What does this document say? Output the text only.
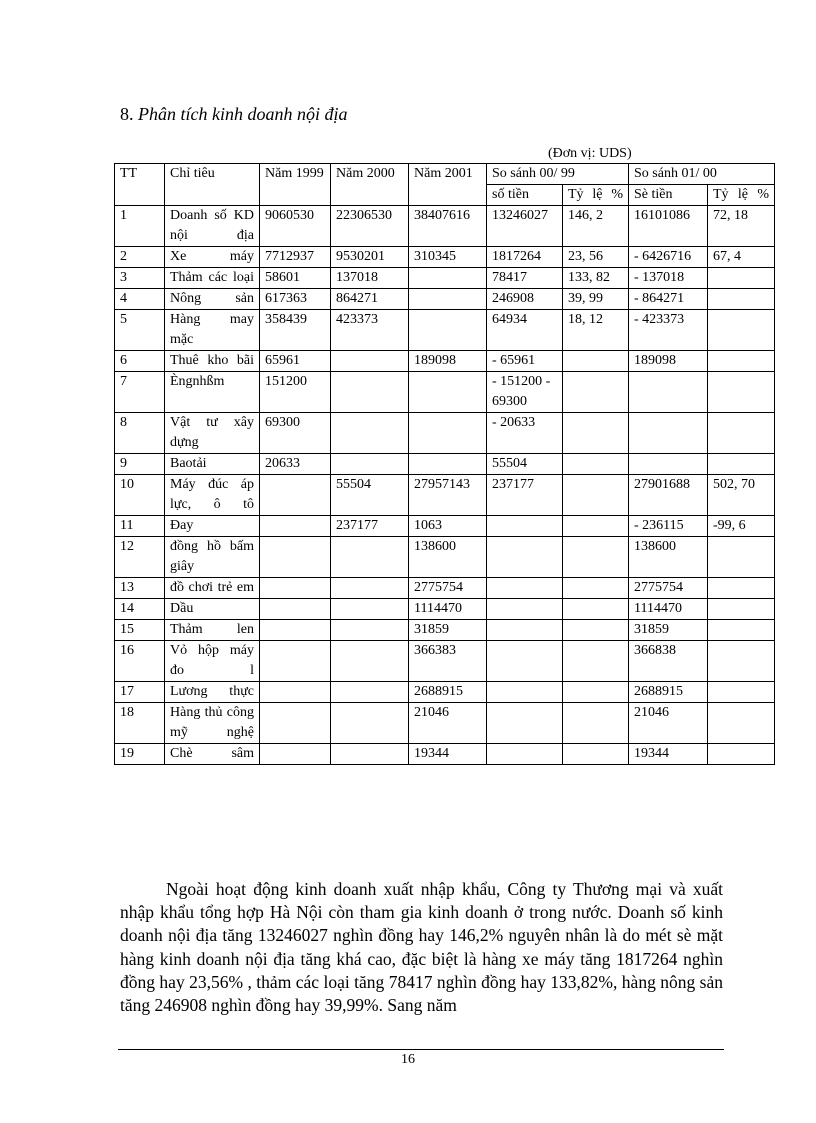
8. Phân tích kinh doanh nội địa
(Đơn vị: UDS)
TT	Chỉ tiêu	Năm 1999	Năm 2000	Năm 2001	So sánh 00/ 99		So sánh 01/ 00	
					số tiền	Tỷ lệ %	Sè tiền	Tỷ lệ %
1	Doanh số KD nội địa	9060530	22306530	38407616	13246027	146, 2	16101086	72, 18
2	Xe máy	7712937	9530201	310345	1817264	23, 56	- 6426716	67, 4
3	Thảm các loại	58601	137018		78417	133, 82	- 137018	
4	Nông sản	617363	864271		246908	39, 99	- 864271	
5	Hàng may mặc	358439	423373		64934	18, 12	- 423373	
6	Thuê kho bãi	65961		189098	- 65961		189098	
7	Èngnhßm	151200			- 151200 - 69300			
8	Vật tư xây dựng	69300			- 20633			
9	Baotải	20633			55504			
10	Máy đúc áp lực, ô tô		55504	27957143	237177		27901688	502, 70
11	Đay		237177	1063			- 236115	-99, 6
12	đồng hồ bấm giây			138600			138600	
13	đồ chơi trẻ em			2775754			2775754	
14	Dầu			1114470			1114470	
15	Thảm len			31859			31859	
16	Vỏ hộp máy đo l			366383			366838	
17	Lương thực			2688915			2688915	
18	Hàng thủ công mỹ nghệ			21046			21046	
19	Chè sâm			19344			19344	

Ngoài hoạt động kinh doanh xuất nhập khẩu, Công ty Thương mại và xuất nhập khẩu tổng hợp Hà Nội còn tham gia kinh doanh ở trong nước. Doanh số kinh doanh nội địa tăng 13246027 nghìn đồng hay 146,2% nguyên nhân là do mét sè mặt hàng kinh doanh nội địa tăng khá cao, đặc biệt là hàng xe máy tăng 1817264 nghìn đồng hay 23,56% , thảm các loại tăng 78417 nghìn đồng hay 133,82%, hàng nông sản tăng 246908 nghìn đồng hay 39,99%. Sang năm

16
